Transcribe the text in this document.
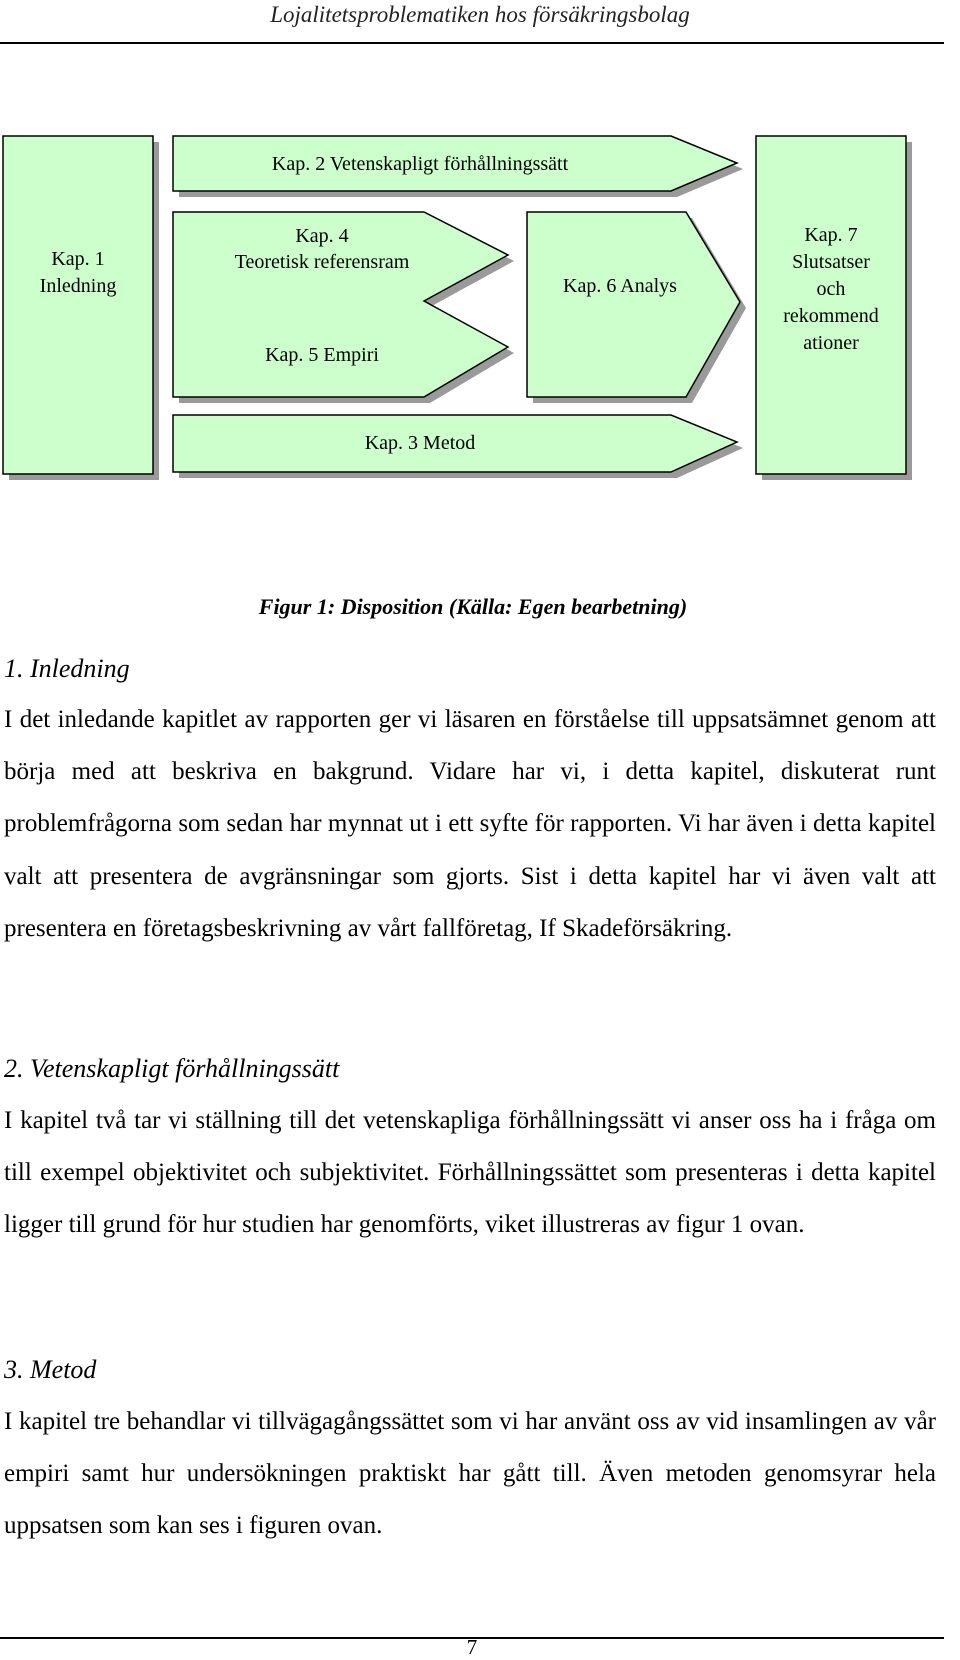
Lojalitetsproblematiken hos försäkringsbolag
Kap. 1
Inledning
Kap. 2 Vetenskapligt förhållningssätt
Kap. 4
Teoretisk referensram
Kap. 5 Empiri
Kap. 6 Analys
Kap. 3 Metod
Kap. 7
Slutsatser
och
rekommend
ationer
Figur 1: Disposition (Källa: Egen bearbetning)
1. Inledning
I det inledande kapitlet av rapporten ger vi läsaren en förståelse till uppsatsämnet genom att börja med att beskriva en bakgrund. Vidare har vi, i detta kapitel, diskuterat runt problemfrågorna som sedan har mynnat ut i ett syfte för rapporten. Vi har även i detta kapitel valt att presentera de avgränsningar som gjorts. Sist i detta kapitel har vi även valt att presentera en företagsbeskrivning av vårt fallföretag, If Skadeförsäkring.
2. Vetenskapligt förhållningssätt
I kapitel två tar vi ställning till det vetenskapliga förhållningssätt vi anser oss ha i fråga om till exempel objektivitet och subjektivitet. Förhållningssättet som presenteras i detta kapitel ligger till grund för hur studien har genomförts, viket illustreras av figur 1 ovan.
3. Metod
I kapitel tre behandlar vi tillvägagångssättet som vi har använt oss av vid insamlingen av vår empiri samt hur undersökningen praktiskt har gått till. Även metoden genomsyrar hela uppsatsen som kan ses i figuren ovan.
7
